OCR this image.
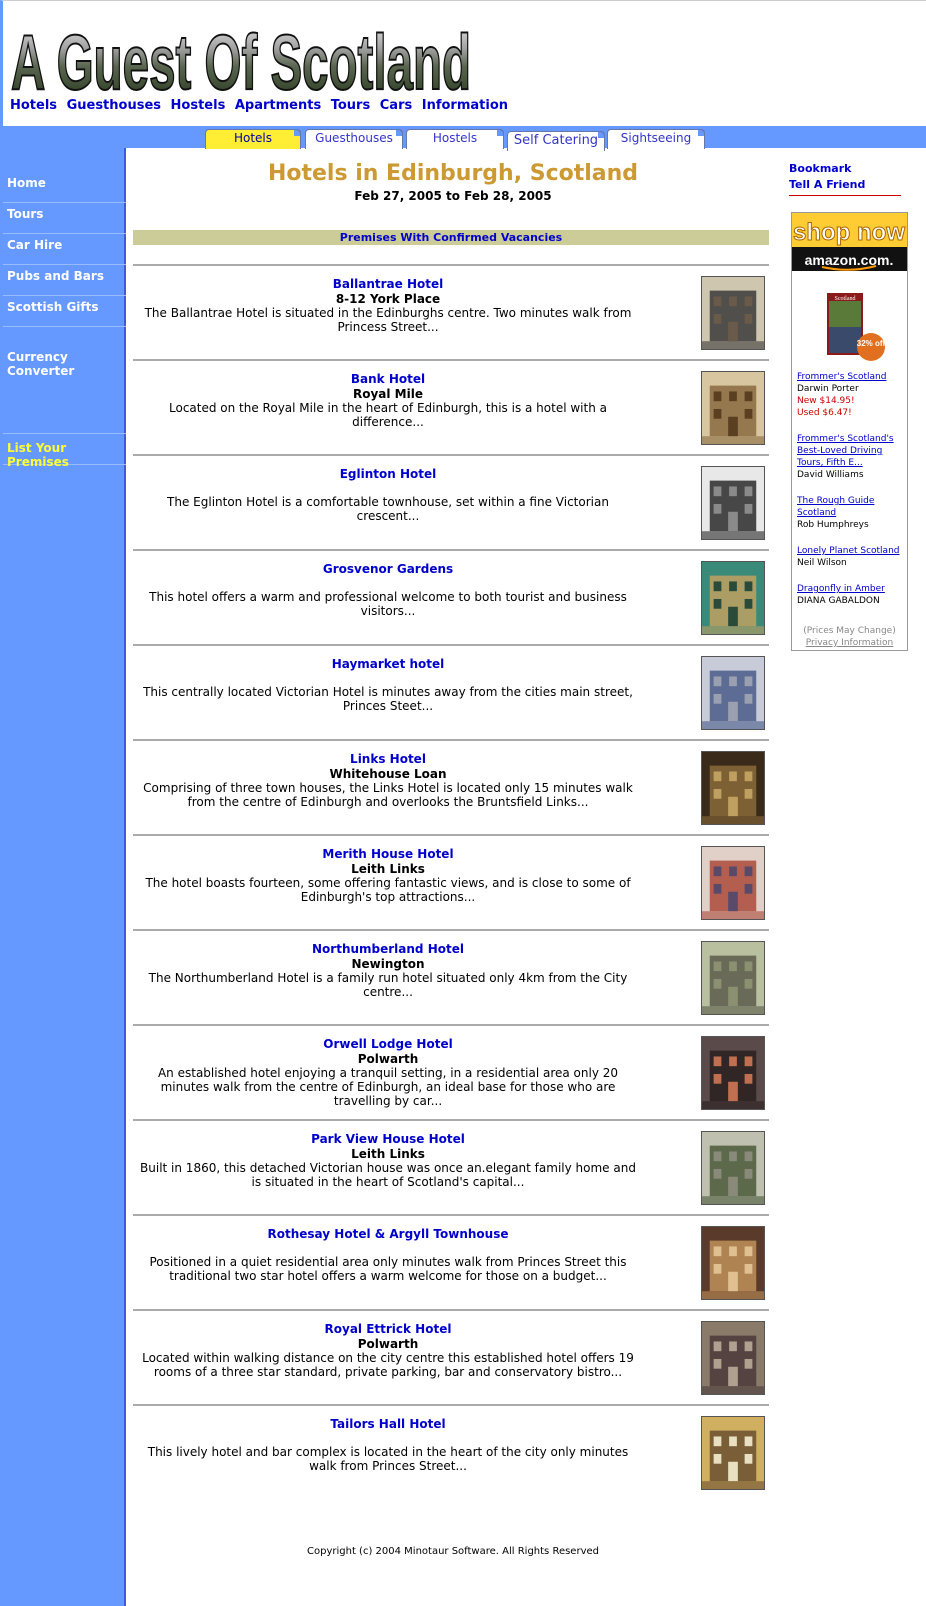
A Guest Of Scotland
Hotels Guesthouses Hostels Apartments Tours Cars Information
Hotels	Guesthouses	Hostels	Self Catering	Sightseeing
Home
Tours
Car Hire
Pubs and Bars
Scottish Gifts
Currency Converter
List Your Premises
Hotels in Edinburgh, Scotland
Feb 27, 2005 to Feb 28, 2005
Premises With Confirmed Vacancies
Ballantrae Hotel
8-12 York Place
The Ballantrae Hotel is situated in the Edinburghs centre. Two minutes walk from Princess Street...
Bank Hotel
Royal Mile
Located on the Royal Mile in the heart of Edinburgh, this is a hotel with a difference...
Eglinton Hotel
The Eglinton Hotel is a comfortable townhouse, set within a fine Victorian crescent...
Grosvenor Gardens
This hotel offers a warm and professional welcome to both tourist and business visitors...
Haymarket hotel
This centrally located Victorian Hotel is minutes away from the cities main street, Princes Steet...
Links Hotel
Whitehouse Loan
Comprising of three town houses, the Links Hotel is located only 15 minutes walk from the centre of Edinburgh and overlooks the Bruntsfield Links...
Merith House Hotel
Leith Links
The hotel boasts fourteen, some offering fantastic views, and is close to some of Edinburgh's top attractions...
Northumberland Hotel
Newington
The Northumberland Hotel is a family run hotel situated only 4km from the City centre...
Orwell Lodge Hotel
Polwarth
An established hotel enjoying a tranquil setting, in a residential area only 20 minutes walk from the centre of Edinburgh, an ideal base for those who are travelling by car...
Park View House Hotel
Leith Links
Built in 1860, this detached Victorian house was once an.elegant family home and is situated in the heart of Scotland's capital...
Rothesay Hotel & Argyll Townhouse
Positioned in a quiet residential area only minutes walk from Princes Street this traditional two star hotel offers a warm welcome for those on a budget...
Royal Ettrick Hotel
Polwarth
Located within walking distance on the city centre this established hotel offers 19 rooms of a three star standard, private parking, bar and conservatory bistro...
Tailors Hall Hotel
This lively hotel and bar complex is located in the heart of the city only minutes walk from Princes Street...
Copyright (c) 2004 Minotaur Software. All Rights Reserved
Bookmark
Tell A Friend
shop now
amazon.com.
Scotland
32% off
Frommer's Scotland
Darwin Porter
New $14.95!
Used $6.47!
Frommer's Scotland's Best-Loved Driving Tours, Fifth E...
David Williams
The Rough Guide Scotland
Rob Humphreys
Lonely Planet Scotland
Neil Wilson
Dragonfly in Amber
DIANA GABALDON
(Prices May Change)
Privacy Information
